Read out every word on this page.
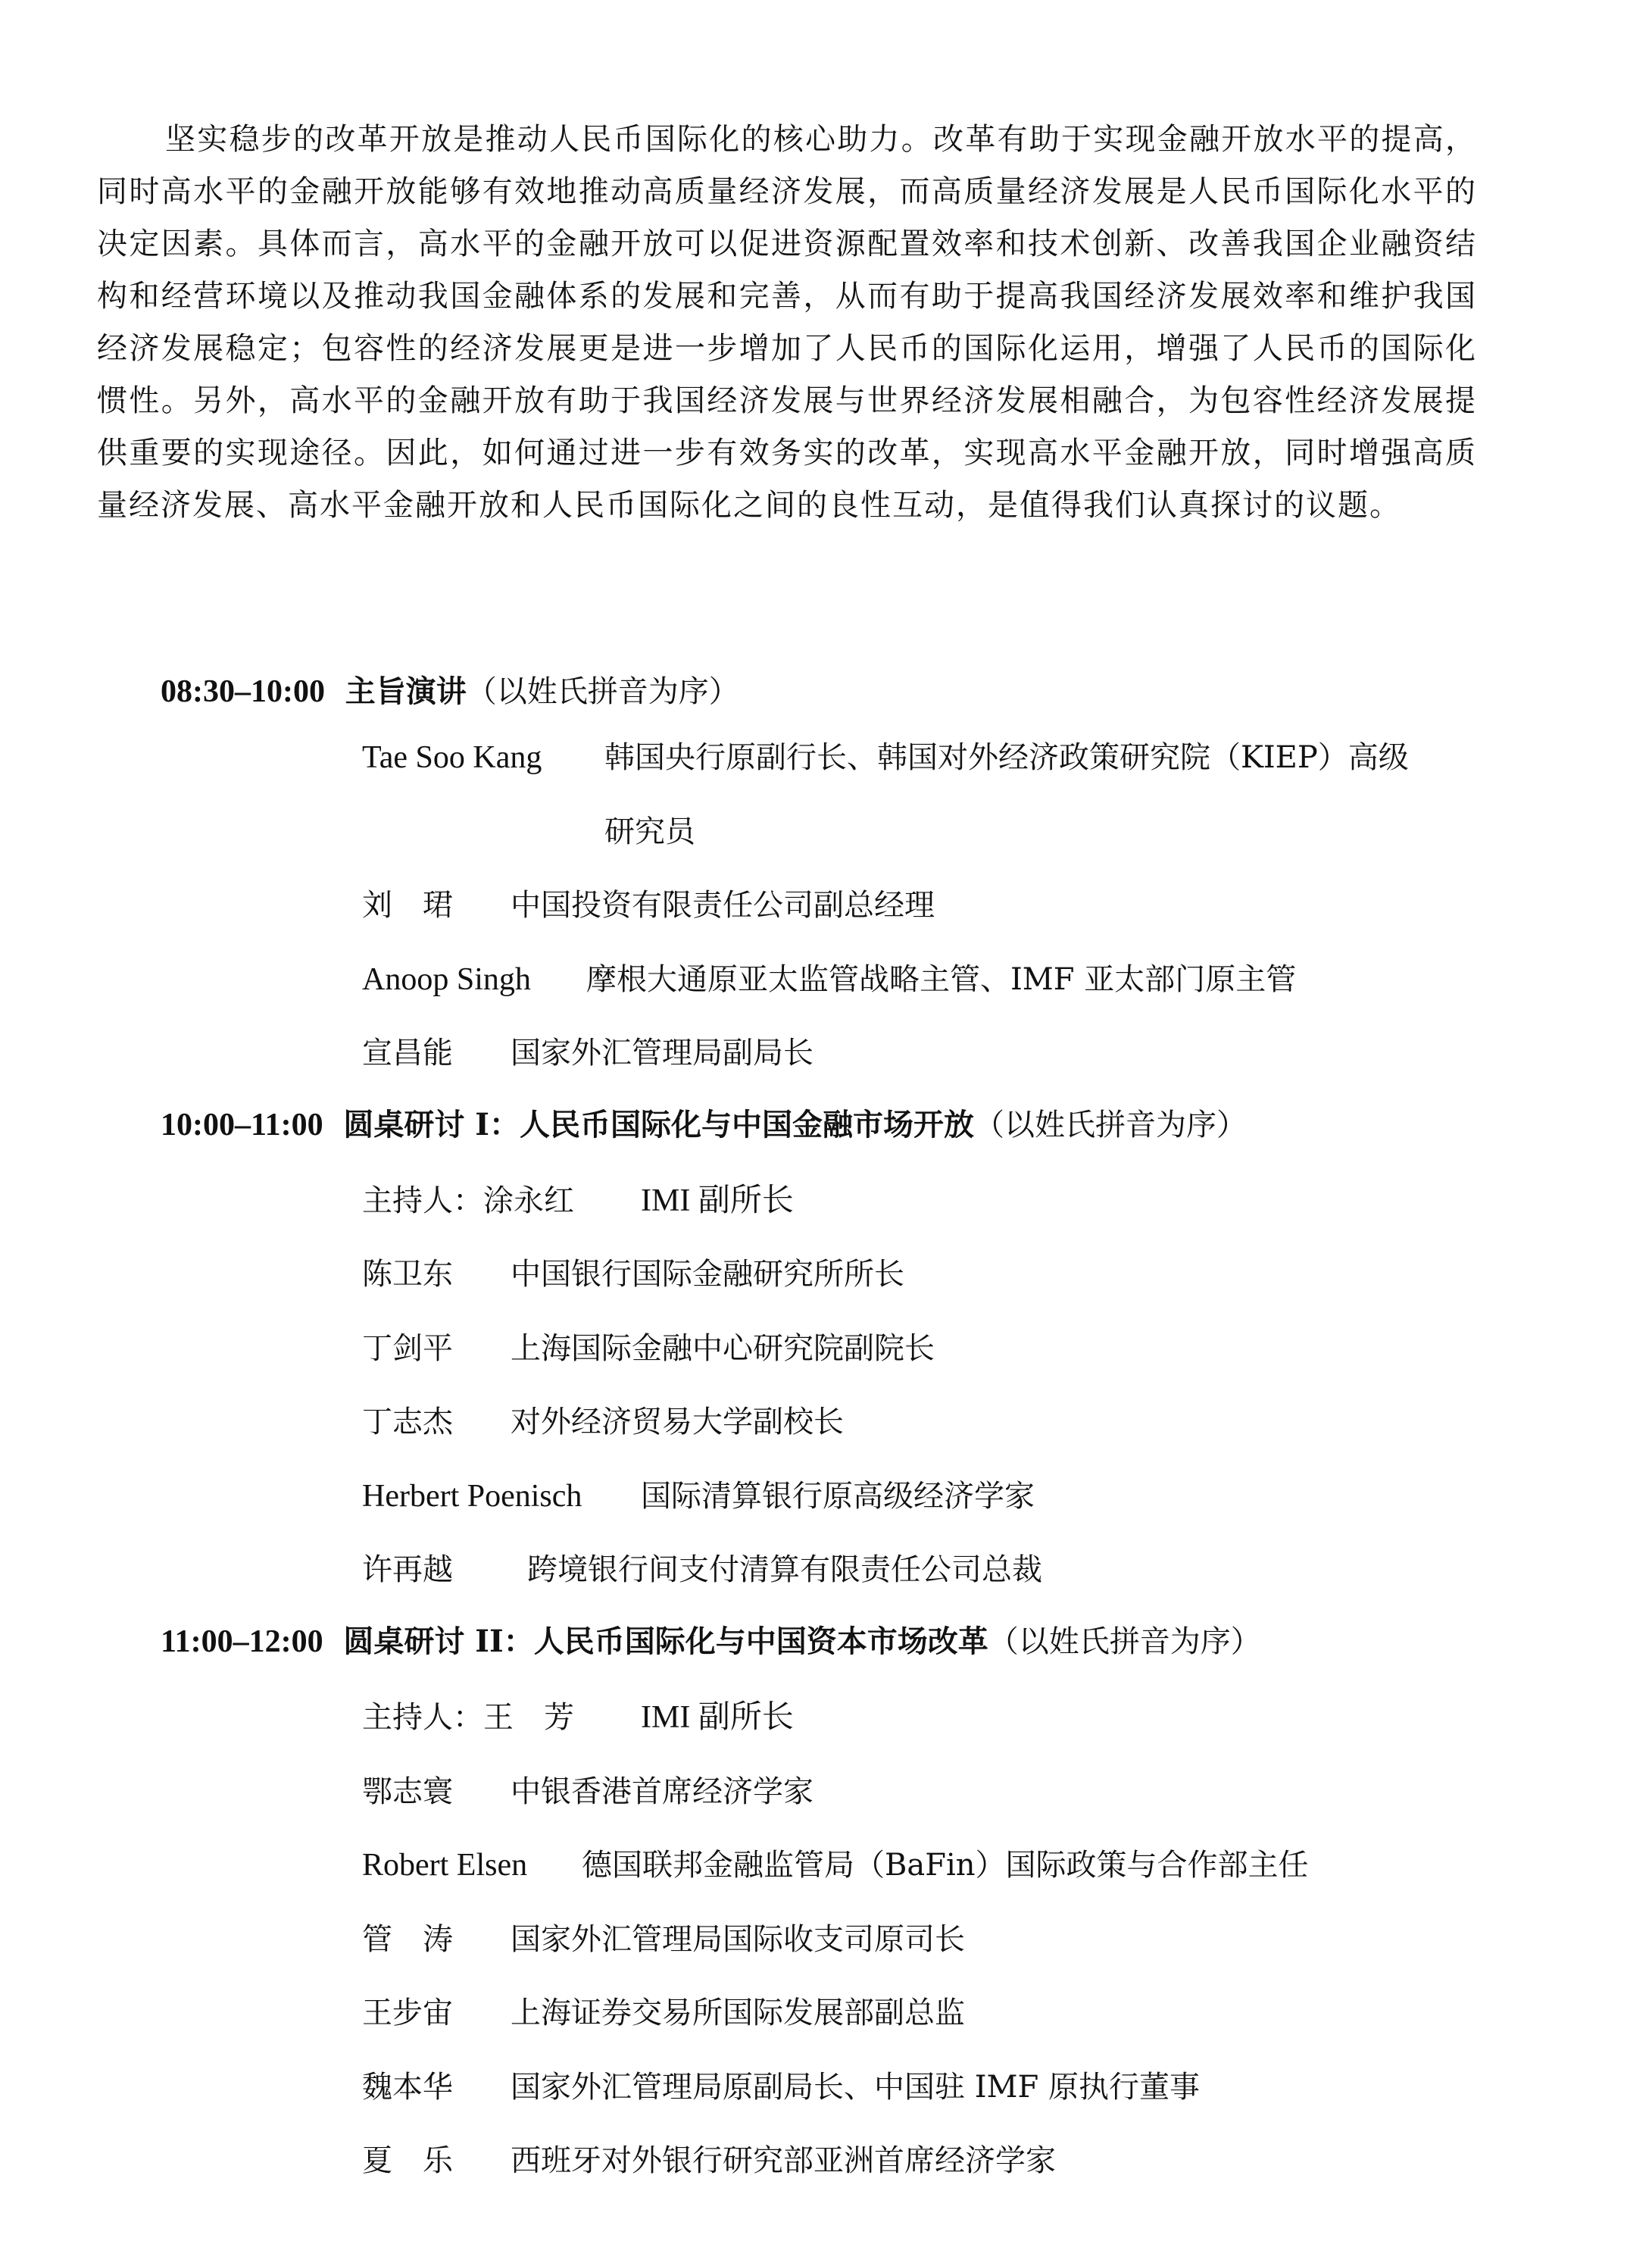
坚实稳步的改革开放是推动人民币国际化的核心助力。改革有助于实现金融开放水平的提高，同时高水平的金融开放能够有效地推动高质量经济发展，而高质量经济发展是人民币国际化水平的决定因素。具体而言，高水平的金融开放可以促进资源配置效率和技术创新、改善我国企业融资结构和经营环境以及推动我国金融体系的发展和完善，从而有助于提高我国经济发展效率和维护我国经济发展稳定；包容性的经济发展更是进一步增加了人民币的国际化运用，增强了人民币的国际化惯性。另外，高水平的金融开放有助于我国经济发展与世界经济发展相融合，为包容性经济发展提供重要的实现途径。因此，如何通过进一步有效务实的改革，实现高水平金融开放，同时增强高质量经济发展、高水平金融开放和人民币国际化之间的良性互动，是值得我们认真探讨的议题。

08:30–10:00 主旨演讲（以姓氏拼音为序）
Tae Soo Kang 韩国央行原副行长、韩国对外经济政策研究院（KIEP）高级
研究员
刘　珺 中国投资有限责任公司副总经理
Anoop Singh 摩根大通原亚太监管战略主管、IMF 亚太部门原主管
宣昌能 国家外汇管理局副局长
10:00–11:00 圆桌研讨 I：人民币国际化与中国金融市场开放（以姓氏拼音为序）
主持人：涂永红 IMI 副所长
陈卫东 中国银行国际金融研究所所长
丁剑平 上海国际金融中心研究院副院长
丁志杰 对外经济贸易大学副校长
Herbert Poenisch 国际清算银行原高级经济学家
许再越 跨境银行间支付清算有限责任公司总裁
11:00–12:00 圆桌研讨 II：人民币国际化与中国资本市场改革（以姓氏拼音为序）
主持人：王　芳 IMI 副所长
鄂志寰 中银香港首席经济学家
Robert Elsen 德国联邦金融监管局（BaFin）国际政策与合作部主任
管　涛 国家外汇管理局国际收支司原司长
王步宙 上海证券交易所国际发展部副总监
魏本华 国家外汇管理局原副局长、中国驻 IMF 原执行董事
夏　乐 西班牙对外银行研究部亚洲首席经济学家
